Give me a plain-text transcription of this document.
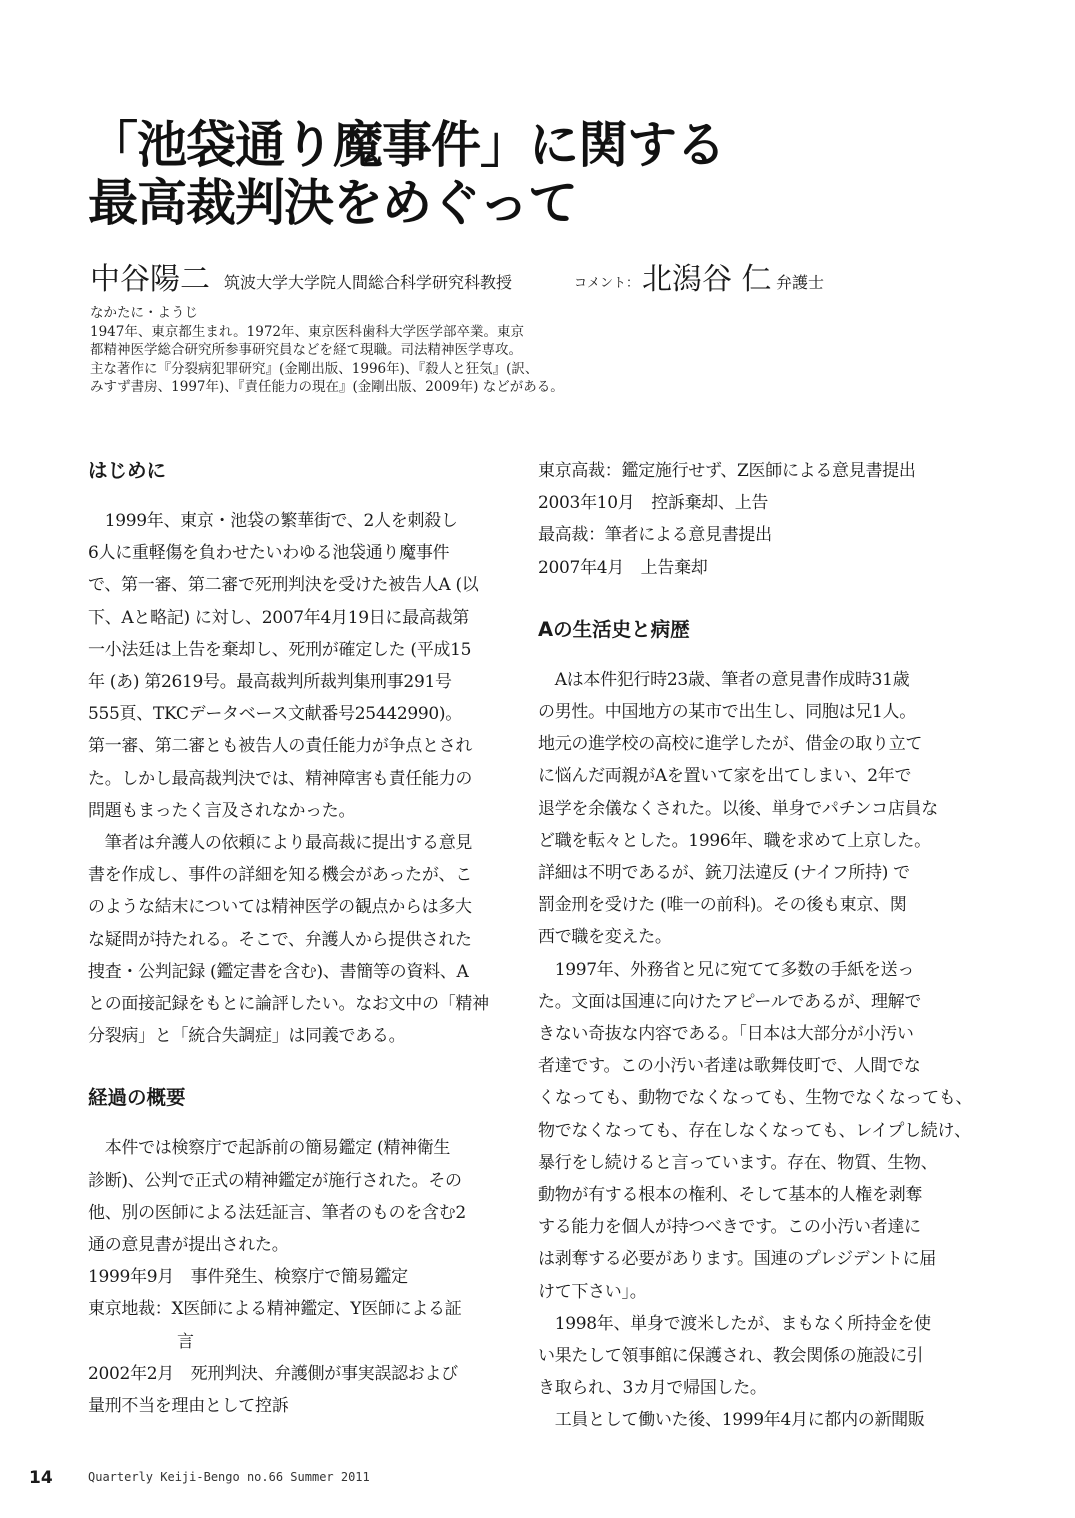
「池袋通り魔事件」に関する
最高裁判決をめぐって
中谷陽二 筑波大学大学院人間総合科学研究科教授	コメント： 北潟谷 仁 弁護士
なかたに・ようじ
1947年、東京都生まれ。1972年、東京医科歯科大学医学部卒業。東京
都精神医学総合研究所参事研究員などを経て現職。司法精神医学専攻。
主な著作に『分裂病犯罪研究』(金剛出版、1996年)、『殺人と狂気』(訳、
みすず書房、1997年)、『責任能力の現在』(金剛出版、2009年) などがある。
はじめに

　1999年、東京・池袋の繁華街で、2人を刺殺し

6人に重軽傷を負わせたいわゆる池袋通り魔事件

で、第一審、第二審で死刑判決を受けた被告人A (以

下、Aと略記) に対し、2007年4月19日に最高裁第

一小法廷は上告を棄却し、死刑が確定した (平成15

年 (あ) 第2619号。最高裁判所裁判集刑事291号

555頁、TKCデータベース文献番号25442990)。

第一審、第二審とも被告人の責任能力が争点とされ

た。しかし最高裁判決では、精神障害も責任能力の

問題もまったく言及されなかった。

　筆者は弁護人の依頼により最高裁に提出する意見

書を作成し、事件の詳細を知る機会があったが、こ

のような結末については精神医学の観点からは多大

な疑問が持たれる。そこで、弁護人から提供された

捜査・公判記録 (鑑定書を含む)、書簡等の資料、A

との面接記録をもとに論評したい。なお文中の「精神

分裂病」と「統合失調症」は同義である。

経過の概要

　本件では検察庁で起訴前の簡易鑑定 (精神衛生

診断)、公判で正式の精神鑑定が施行された。その

他、別の医師による法廷証言、筆者のものを含む2

通の意見書が提出された。

1999年9月　事件発生、検察庁で簡易鑑定

東京地裁：X医師による精神鑑定、Y医師による証

言

2002年2月　死刑判決、弁護側が事実誤認および

量刑不当を理由として控訴

東京高裁：鑑定施行せず、Z医師による意見書提出

2003年10月　控訴棄却、上告

最高裁：筆者による意見書提出

2007年4月　上告棄却

Aの生活史と病歴

　Aは本件犯行時23歳、筆者の意見書作成時31歳

の男性。中国地方の某市で出生し、同胞は兄1人。

地元の進学校の高校に進学したが、借金の取り立て

に悩んだ両親がAを置いて家を出てしまい、2年で

退学を余儀なくされた。以後、単身でパチンコ店員な

ど職を転々とした。1996年、職を求めて上京した。

詳細は不明であるが、銃刀法違反 (ナイフ所持) で

罰金刑を受けた (唯一の前科)。その後も東京、関

西で職を変えた。

　1997年、外務省と兄に宛てて多数の手紙を送っ

た。文面は国連に向けたアピールであるが、理解で

きない奇抜な内容である。「日本は大部分が小汚い

者達です。この小汚い者達は歌舞伎町で、人間でな

くなっても、動物でなくなっても、生物でなくなっても、

物でなくなっても、存在しなくなっても、レイプし続け、

暴行をし続けると言っています。存在、物質、生物、

動物が有する根本の権利、そして基本的人権を剥奪

する能力を個人が持つべきです。この小汚い者達に

は剥奪する必要があります。国連のプレジデントに届

けて下さい」。

　1998年、単身で渡米したが、まもなく所持金を使

い果たして領事館に保護され、教会関係の施設に引

き取られ、3カ月で帰国した。

　工員として働いた後、1999年4月に都内の新聞販

14	Quarterly Keiji-Bengo no.66 Summer 2011
